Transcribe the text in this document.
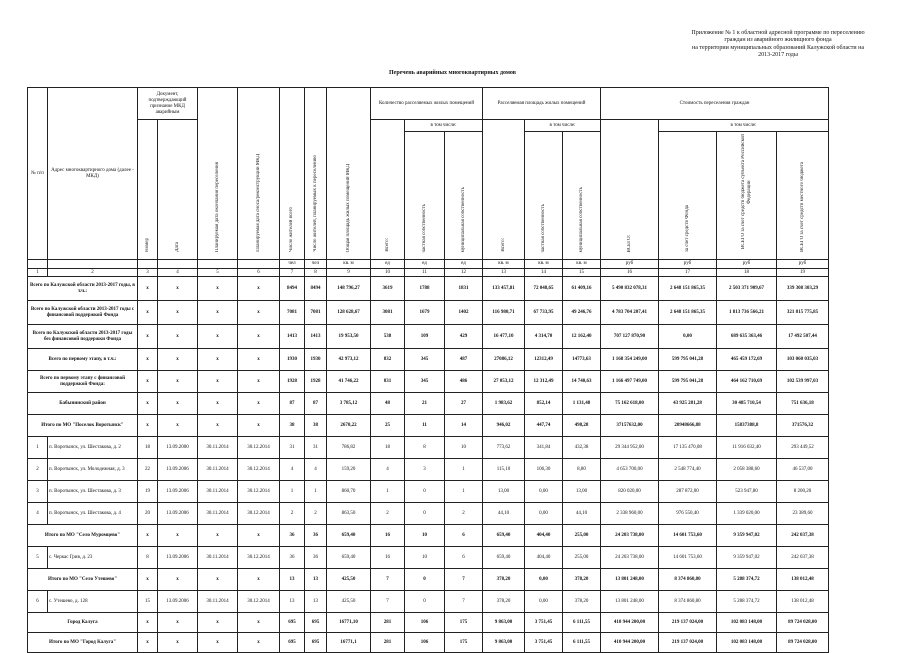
Приложение № 1 к областной адресной программе по переселению
граждан из аварийного жилищного фонда
на территории муниципальных образований Калужской области на
2013-2017 годы
Перечень аварийных многоквартирных домов
№ п/п	Адрес многоквартирного дома (далее - МКД)	Документ, подтверждающий признание МКД аварийным		Планируемая дата окончания переселения	Планируемая дата сноса/реконструкции МКД	Число жителей всего	Число жителей, планируемых к переселению	Общая площадь жилых помещений МКД	Количество расселяемых жилых помещений			Расселяемая площадь жилых помещений			Стоимость переселения граждан			
		Номер	Дата						Всего:	в том числе:		Всего:	в том числе:		ВСЕГО:	в том числе:		
										частная собственность	муниципальная собственность		частная собственность	муниципальная собственность		за счет средств Фонда	ВСЕГО за счет средств бюджета субъекта Российской Федерации	ВСЕГО за счет средств местного бюджета
						чел	чел	кв. м	ед	ед	ед	кв. м	кв. м	кв. м	руб	руб	руб	руб
1	2	3	4	5	6	7	8	9	10	11	12	13	14	15	16	17	18	19
Всего по Калужской области 2013-2017 годы, в т.ч.:		х	х	х	х	8494	8494	148 796,27	3619	1788	1831	133 457,81	72 048,65	61 409,16	5 490 832 078,31	2 648 151 865,35	2 503 371 909,67	339 308 303,29
Всего по Калужской области 2013-2017 годы с финансовой поддержкой Фонда		х	х	х	х	7081	7081	128 628,67	3081	1679	1402	116 980,71	67 733,95	49 246,76	4 783 704 207,41	2 648 151 865,35	1 813 736 566,21	321 815 775,85
Всего по Калужской области 2013-2017 годы без финансовой поддержки Фонда		х	х	х	х	1413	1413	19 953,50	538	109	429	16 477,10	4 314,70	12 162,40	707 127 870,90	0,00	689 635 363,46	17 492 507,44
Всего по первому этапу, в т.ч.:		х	х	х	х	1930	1930	42 973,12	832	345	487	27086,12	12312,49	14773,63	1 168 354 249,00	599 795 041,28	465 459 172,69	103 060 035,03
Всего по первому этапу с финансовой поддержкой Фонда:		х	х	х	х	1928	1928	41 746,22	831	345	486	27 053,12	12 312,49	14 740,63	1 166 497 749,00	599 795 041,28	464 162 710,69	102 539 997,03
Бабынинский район		х	х	х	х	87	87	3 785,12	48	21	27	1 983,62	852,14	1 131,48	75 162 618,00	43 925 281,28	30 485 710,54	751 636,18
Итого по МО "Поселок Воротынск"		х	х	х	х	38	38	2670,22	25	11	14	946,02	447,74	498,28	37157632,00	20948666,88	15837388,8	371576,32
1	п. Воротынск, ул. Шестакова, д. 2	18	13.09.2000	30.11.2014	30.12.2014	31	31	786,82	18	8	10	773,62	341,84	432,38	29 344 952,00	17 135 470,08	11 916 032,40	293 449,52
2	п. Воротынск, ул. Молодежная, д. 3	22	13.09.2006	30.11.2014	30.12.2014	4	4	159,20	4	3	1	115,10	106,30	8,80	4 653 700,00	2 548 774,40	2 058 388,60	46 537,00
3	п. Воротынск, ул. Шестакова, д. 3	19	13.09.2006	30.11.2014	30.12.2014	1	1	860,70	1	0	1	13,00	0,00	13,00	820 020,00	287 872,00	523 947,80	8 200,20
4	п. Воротынск, ул. Шестакова, д. 4	20	13.09.2006	30.11.2014	30.12.2014	2	2	863,50	2	0	2	44,10	0,00	44,10	2 338 960,00	976 550,40	1 339 020,00	23 389,60
Итого по МО "Село Муромцево"		х	х	х	х	36	36	659,40	16	10	6	659,40	404,40	255,00	24 203 738,00	14 601 753,60	9 359 947,02	242 037,38
5	с. Черкас Грив, д. 23	8	13.09.2006	30.11.2014	30.12.2014	36	36	659,40	16	10	6	659,40	404,40	255,00	24 203 738,00	14 601 753,60	9 359 947,02	242 037,38
Итого по МО "Село Утешево"		х	х	х	х	13	13	425,50	7	0	7	378,20	0,00	378,20	13 801 248,00	8 374 860,80	5 288 374,72	138 012,48
6	с. Утешево, д. 128	15	13.09.2006	30.11.2014	30.12.2014	13	13	425,50	7	0	7	378,20	0,00	378,20	13 801 248,00	8 374 860,80	5 288 374,72	138 012,48
Город Калуга		х	х	х	х	695	695	16771,10	281	106	175	9 863,00	3 751,45	6 111,55	410 944 200,00	219 137 024,00	102 083 148,00	89 724 028,00
Итого по МО "Город Калуга"		х	х	х	х	695	695	16771,1	281	106	175	9 863,00	3 751,45	6 111,55	410 944 200,00	219 137 024,00	102 083 148,00	89 724 028,00
